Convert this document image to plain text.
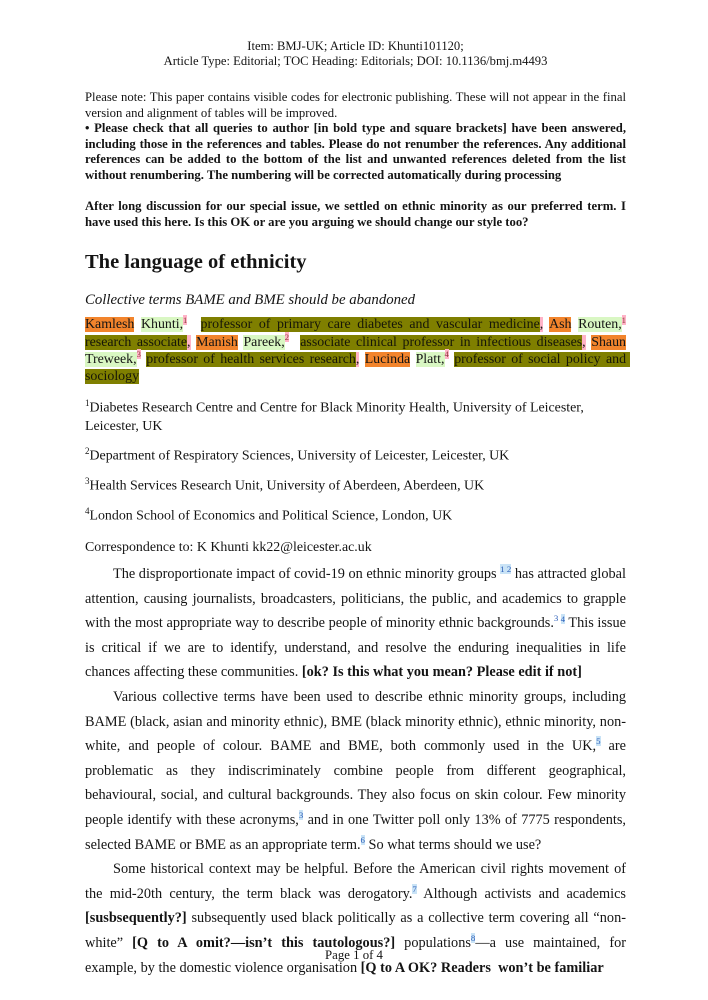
Item: BMJ-UK; Article ID: Khunti101120;
Article Type: Editorial; TOC Heading: Editorials; DOI: 10.1136/bmj.m4493
Please note: This paper contains visible codes for electronic publishing. These will not appear in the final version and alignment of tables will be improved.
• Please check that all queries to author [in bold type and square brackets] have been answered, including those in the references and tables. Please do not renumber the references. Any additional references can be added to the bottom of the list and unwanted references deleted from the list without renumbering. The numbering will be corrected automatically during processing
After long discussion for our special issue, we settled on ethnic minority as our preferred term. I have used this here. Is this OK or are you arguing we should change our style too?
The language of ethnicity
Collective terms BAME and BME should be abandoned
Kamlesh Khunti,$^1$ professor of primary care diabetes and vascular medicine, Ash Routen,$^1$ research associate, Manish Pareek,$^2$ associate clinical professor in infectious diseases, Shaun Treweek,$^3$ professor of health services research, Lucinda Platt,$^4$ professor of social policy and sociology

$^1$Diabetes Research Centre and Centre for Black Minority Health, University of Leicester, Leicester, UK

$^2$Department of Respiratory Sciences, University of Leicester, Leicester, UK

$^3$Health Services Research Unit, University of Aberdeen, Aberdeen, UK

$^4$London School of Economics and Political Science, London, UK

Correspondence to: K Khunti kk22@leicester.ac.uk

The disproportionate impact of covid-19 on ethnic minority groups $^{1 2}$ has attracted global attention, causing journalists, broadcasters, politicians, the public, and academics to grapple with the most appropriate way to describe people of minority ethnic backgrounds.$^3$ $^4$ This issue is critical if we are to identify, understand, and resolve the enduring inequalities in life chances affecting these communities. [ok? Is this what you mean? Please edit if not]

Various collective terms have been used to describe ethnic minority groups, including BAME (black, asian and minority ethnic), BME (black minority ethnic), ethnic minority, non-white, and people of colour. BAME and BME, both commonly used in the UK,$^5$ are problematic as they indiscriminately combine people from different geographical, behavioural, social, and cultural backgrounds. They also focus on skin colour. Few minority people identify with these acronyms,$^3$ and in one Twitter poll only 13% of 7775 respondents, selected BAME or BME as an appropriate term.$^6$ So what terms should we use?

Some historical context may be helpful. Before the American civil rights movement of the mid-20th century, the term black was derogatory.$^7$ Although activists and academics [susbsequently?] subsequently used black politically as a collective term covering all “non-white” [Q to A omit?—isn’t this tautologous?] populations$^8$—a use maintained, for example, by the domestic violence organisation [Q to A OK? Readers  won’t be familiar

Page 1 of 4
